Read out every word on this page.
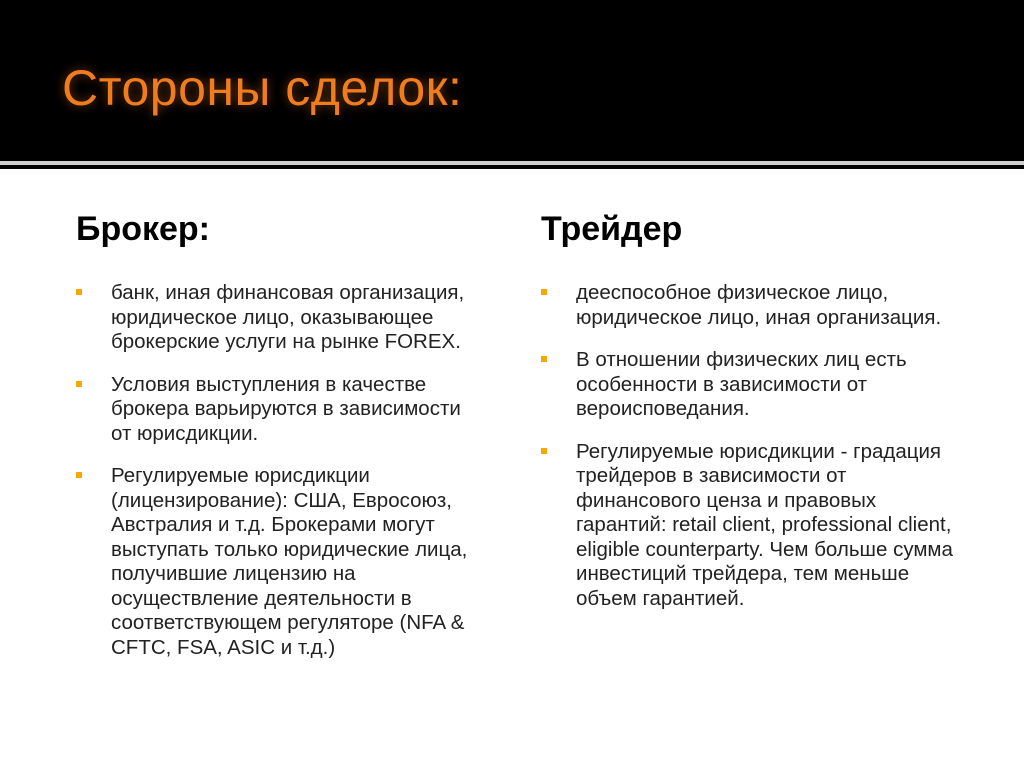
Стороны сделок:
Брокер:
банк, иная финансовая организация, юридическое лицо, оказывающее брокерские услуги на рынке FOREX.
Условия выступления в качестве брокера варьируются в зависимости от юрисдикции.
Регулируемые юрисдикции (лицензирование): США, Евросоюз, Австралия и т.д. Брокерами могут выступать только юридические лица, получившие лицензию на осуществление деятельности в соответствующем регуляторе (NFA & CFTC, FSA, ASIC и т.д.)
Трейдер
дееспособное физическое лицо, юридическое лицо, иная организация.
В отношении физических лиц есть особенности в зависимости от вероисповедания.
Регулируемые юрисдикции - градация трейдеров в зависимости от финансового ценза и правовых гарантий: retail client, professional client, eligible counterparty. Чем больше сумма инвестиций трейдера, тем меньше объем гарантией.
